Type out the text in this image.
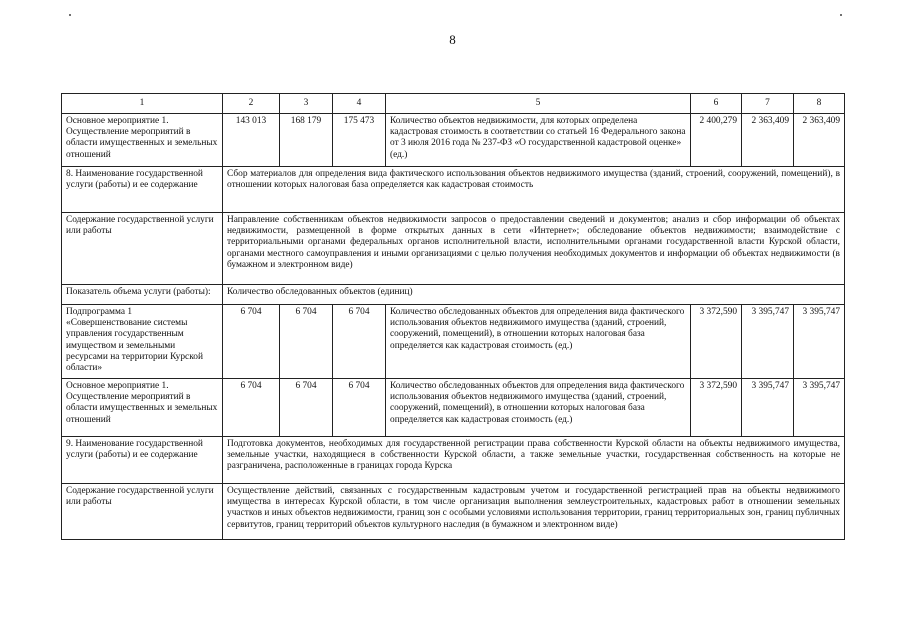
8
1	2	3	4	5	6	7	8
Основное мероприятие 1. Осуществление мероприятий в области имущественных и земельных отношений	143 013	168 179	175 473	Количество объектов недвижимости, для которых определена кадастровая стоимость в соответствии со статьей 16 Федерального закона от 3 июля 2016 года № 237-ФЗ «О государственной кадастровой оценке» (ед.)	2 400,279	2 363,409	2 363,409
8. Наименование государственной услуги (работы) и ее содержание	Сбор материалов для определения вида фактического использования объектов недвижимого имущества (зданий, строений, сооружений, помещений), в отношении которых налоговая база определяется как кадастровая стоимость						
Содержание государственной услуги или работы	Направление собственникам объектов недвижимости запросов о предоставлении сведений и документов; анализ и сбор информации об объектах недвижимости, размещенной в форме открытых данных в сети «Интернет»; обследование объектов недвижимости; взаимодействие с территориальными органами федеральных органов исполнительной власти, исполнительными органами государственной власти Курской области, органами местного самоуправления и иными организациями с целью получения необходимых документов и информации об объектах недвижимости (в бумажном и электронном виде)						
Показатель объема услуги (работы):	Количество обследованных объектов (единиц)						
Подпрограмма 1 «Совершенствование системы управления государственным имуществом и земельными ресурсами на территории Курской области»	6 704	6 704	6 704	Количество обследованных объектов для определения вида фактического использования объектов недвижимого имущества (зданий, строений, сооружений, помещений), в отношении которых налоговая база определяется как кадастровая стоимость (ед.)	3 372,590	3 395,747	3 395,747
Основное мероприятие 1. Осуществление мероприятий в области имущественных и земельных отношений	6 704	6 704	6 704	Количество обследованных объектов для определения вида фактического использования объектов недвижимого имущества (зданий, строений, сооружений, помещений), в отношении которых налоговая база определяется как кадастровая стоимость (ед.)	3 372,590	3 395,747	3 395,747
9. Наименование государственной услуги (работы) и ее содержание	Подготовка документов, необходимых для государственной регистрации права собственности Курской области на объекты недвижимого имущества, земельные участки, находящиеся в собственности Курской области, а также земельные участки, государственная собственность на которые не разграничена, расположенные в границах города Курска						
Содержание государственной услуги или работы	Осуществление действий, связанных с государственным кадастровым учетом и государственной регистрацией прав на объекты недвижимого имущества в интересах Курской области, в том числе организация выполнения землеустроительных, кадастровых работ в отношении земельных участков и иных объектов недвижимости, границ зон с особыми условиями использования территории, границ территориальных зон, границ публичных сервитутов, границ территорий объектов культурного наследия (в бумажном и электронном виде)						
